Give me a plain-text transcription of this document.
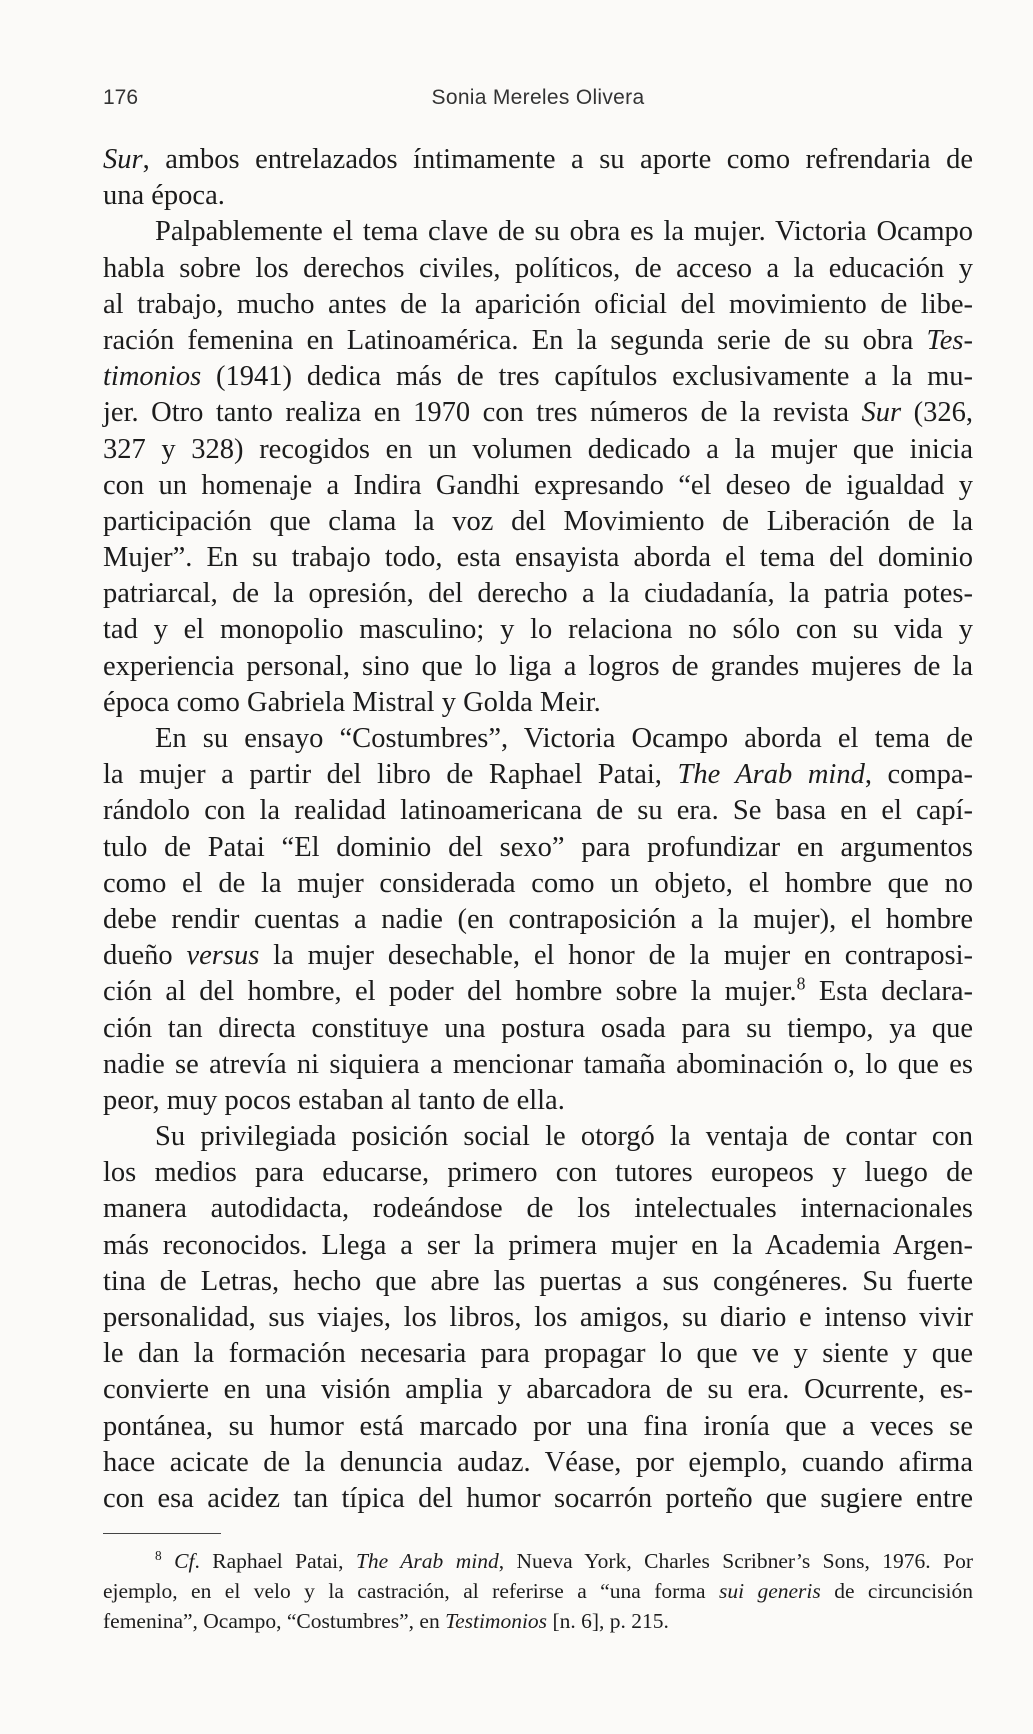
176	Sonia Mereles Olivera
Sur, ambos entrelazados íntimamente a su aporte como refrendaria de
una época.
Palpablemente el tema clave de su obra es la mujer. Victoria Ocampo
habla sobre los derechos civiles, políticos, de acceso a la educación y
al trabajo, mucho antes de la aparición oficial del movimiento de libe-
ración femenina en Latinoamérica. En la segunda serie de su obra Tes-
timonios (1941) dedica más de tres capítulos exclusivamente a la mu-
jer. Otro tanto realiza en 1970 con tres números de la revista Sur (326,
327 y 328) recogidos en un volumen dedicado a la mujer que inicia
con un homenaje a Indira Gandhi expresando “el deseo de igualdad y
participación que clama la voz del Movimiento de Liberación de la
Mujer”. En su trabajo todo, esta ensayista aborda el tema del dominio
patriarcal, de la opresión, del derecho a la ciudadanía, la patria potes-
tad y el monopolio masculino; y lo relaciona no sólo con su vida y
experiencia personal, sino que lo liga a logros de grandes mujeres de la
época como Gabriela Mistral y Golda Meir.
En su ensayo “Costumbres”, Victoria Ocampo aborda el tema de
la mujer a partir del libro de Raphael Patai, The Arab mind, compa-
rándolo con la realidad latinoamericana de su era. Se basa en el capí-
tulo de Patai “El dominio del sexo” para profundizar en argumentos
como el de la mujer considerada como un objeto, el hombre que no
debe rendir cuentas a nadie (en contraposición a la mujer), el hombre
dueño versus la mujer desechable, el honor de la mujer en contraposi-
ción al del hombre, el poder del hombre sobre la mujer.$^8$ Esta declara-
ción tan directa constituye una postura osada para su tiempo, ya que
nadie se atrevía ni siquiera a mencionar tamaña abominación o, lo que es
peor, muy pocos estaban al tanto de ella.
Su privilegiada posición social le otorgó la ventaja de contar con
los medios para educarse, primero con tutores europeos y luego de
manera autodidacta, rodeándose de los intelectuales internacionales
más reconocidos. Llega a ser la primera mujer en la Academia Argen-
tina de Letras, hecho que abre las puertas a sus congéneres. Su fuerte
personalidad, sus viajes, los libros, los amigos, su diario e intenso vivir
le dan la formación necesaria para propagar lo que ve y siente y que
convierte en una visión amplia y abarcadora de su era. Ocurrente, es-
pontánea, su humor está marcado por una fina ironía que a veces se
hace acicate de la denuncia audaz. Véase, por ejemplo, cuando afirma
con esa acidez tan típica del humor socarrón porteño que sugiere entre
$^8$ Cf. Raphael Patai, The Arab mind, Nueva York, Charles Scribner’s Sons, 1976. Por
ejemplo, en el velo y la castración, al referirse a “una forma sui generis de circuncisión
femenina”, Ocampo, “Costumbres”, en Testimonios [n. 6], p. 215.
